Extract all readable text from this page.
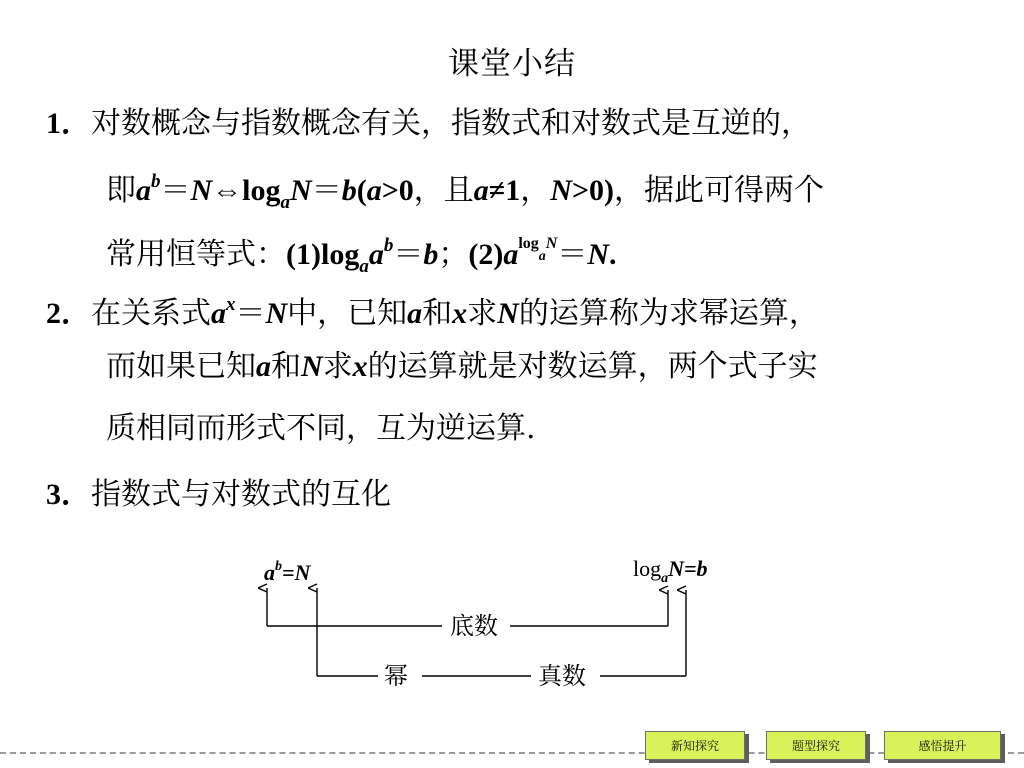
课堂小结
1．对数概念与指数概念有关，指数式和对数式是互逆的，
即$a^b=N\Leftrightarrow\log_aN=b(a>0$，且a≠1，N>0)，据此可得两个
常用恒等式：$(1)\log_aa^b=b$；$(2)a^{log}a^N=N$.
2．在关系式$a^x=N$中，已知a和x求N的运算称为求幂运算，
而如果已知a和N求x的运算就是对数运算，两个式子实
质相同而形式不同，互为逆运算.
3．指数式与对数式的互化
$a^b=N$	$\log_aN=b$
底数
幂	真数
新知探究	题型探究	感悟提升
